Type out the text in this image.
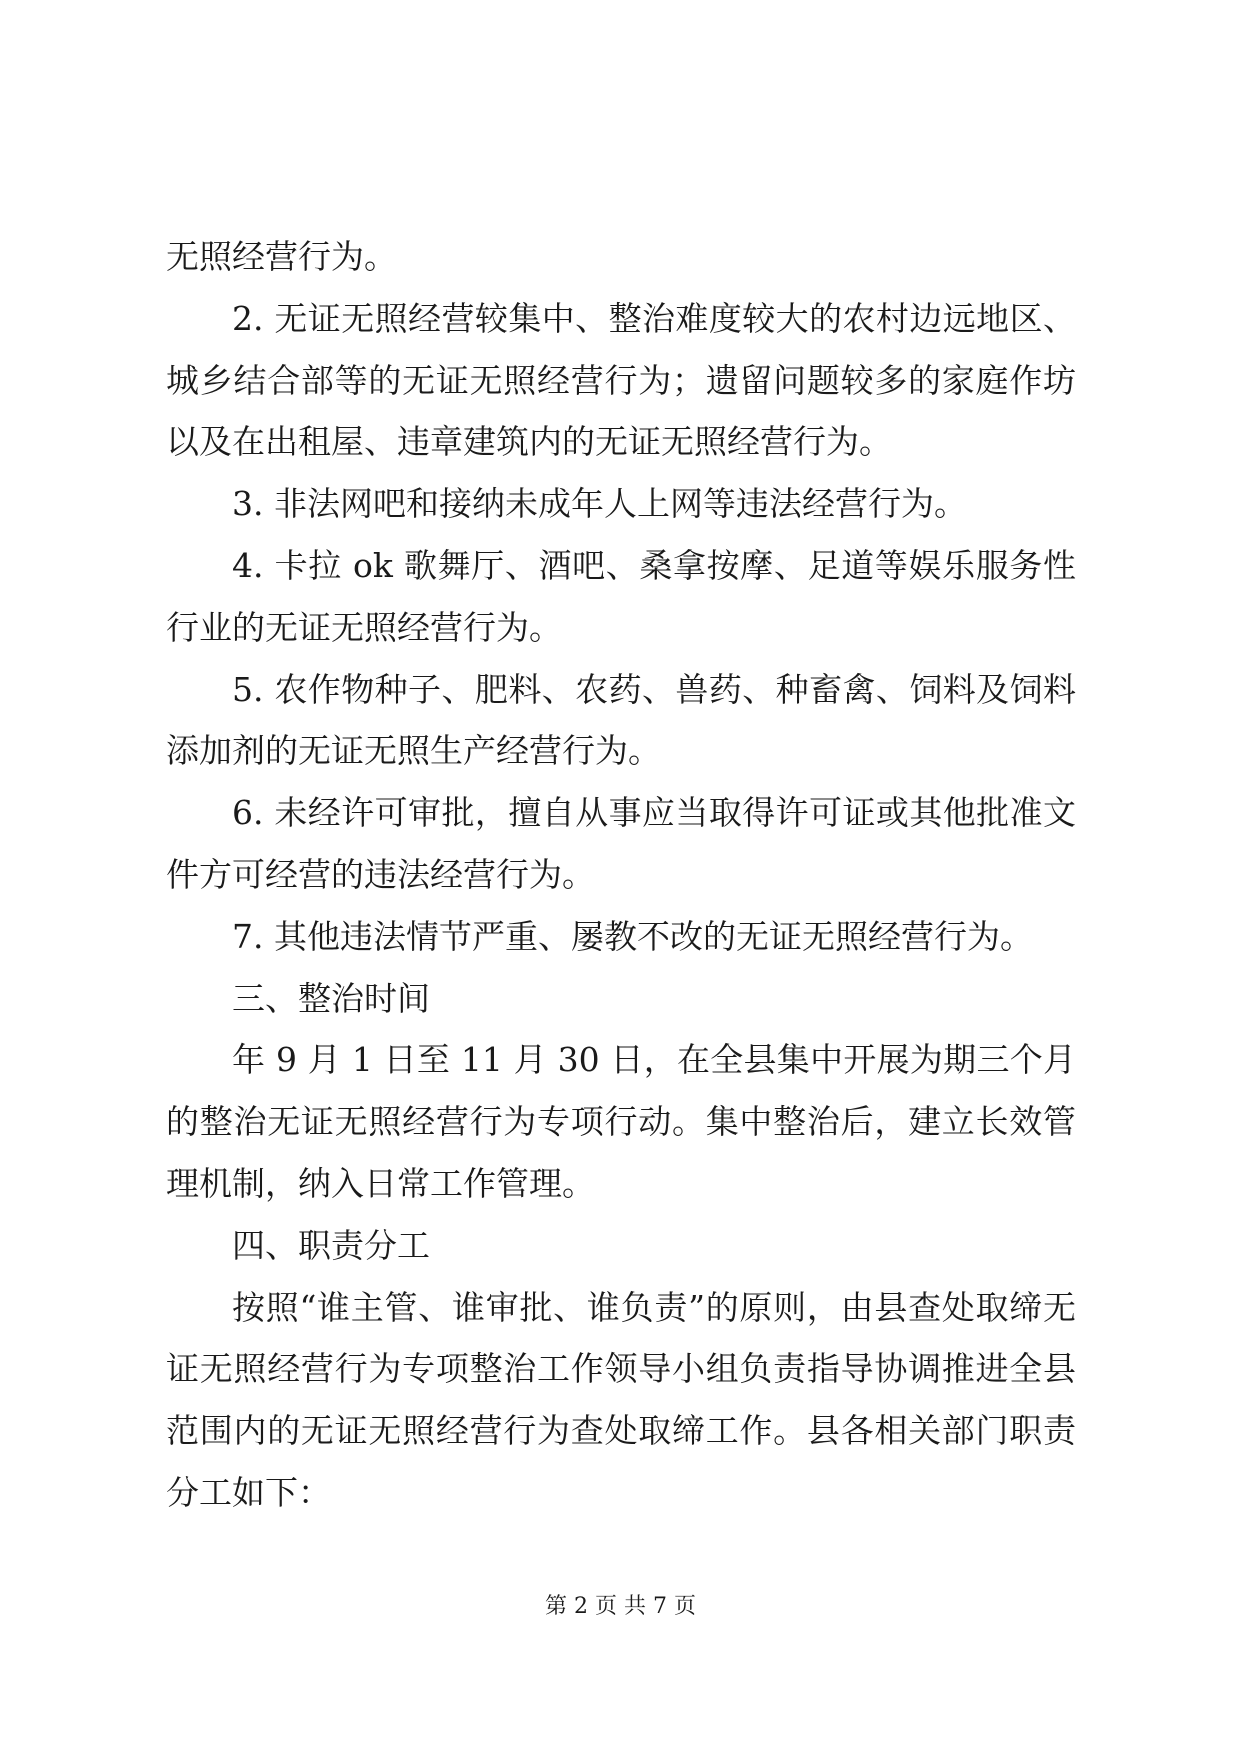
无照经营行为。

2. 无证无照经营较集中、整治难度较大的农村边远地区、城乡结合部等的无证无照经营行为；遗留问题较多的家庭作坊以及在出租屋、违章建筑内的无证无照经营行为。

3. 非法网吧和接纳未成年人上网等违法经营行为。

4. 卡拉 ok 歌舞厅、酒吧、桑拿按摩、足道等娱乐服务性行业的无证无照经营行为。

5. 农作物种子、肥料、农药、兽药、种畜禽、饲料及饲料添加剂的无证无照生产经营行为。

6. 未经许可审批，擅自从事应当取得许可证或其他批准文件方可经营的违法经营行为。

7. 其他违法情节严重、屡教不改的无证无照经营行为。

三、整治时间

年 9 月 1 日至 11 月 30 日，在全县集中开展为期三个月的整治无证无照经营行为专项行动。集中整治后，建立长效管理机制，纳入日常工作管理。

四、职责分工

按照“谁主管、谁审批、谁负责”的原则，由县查处取缔无证无照经营行为专项整治工作领导小组负责指导协调推进全县范围内的无证无照经营行为查处取缔工作。县各相关部门职责分工如下：

第 2 页 共 7 页
